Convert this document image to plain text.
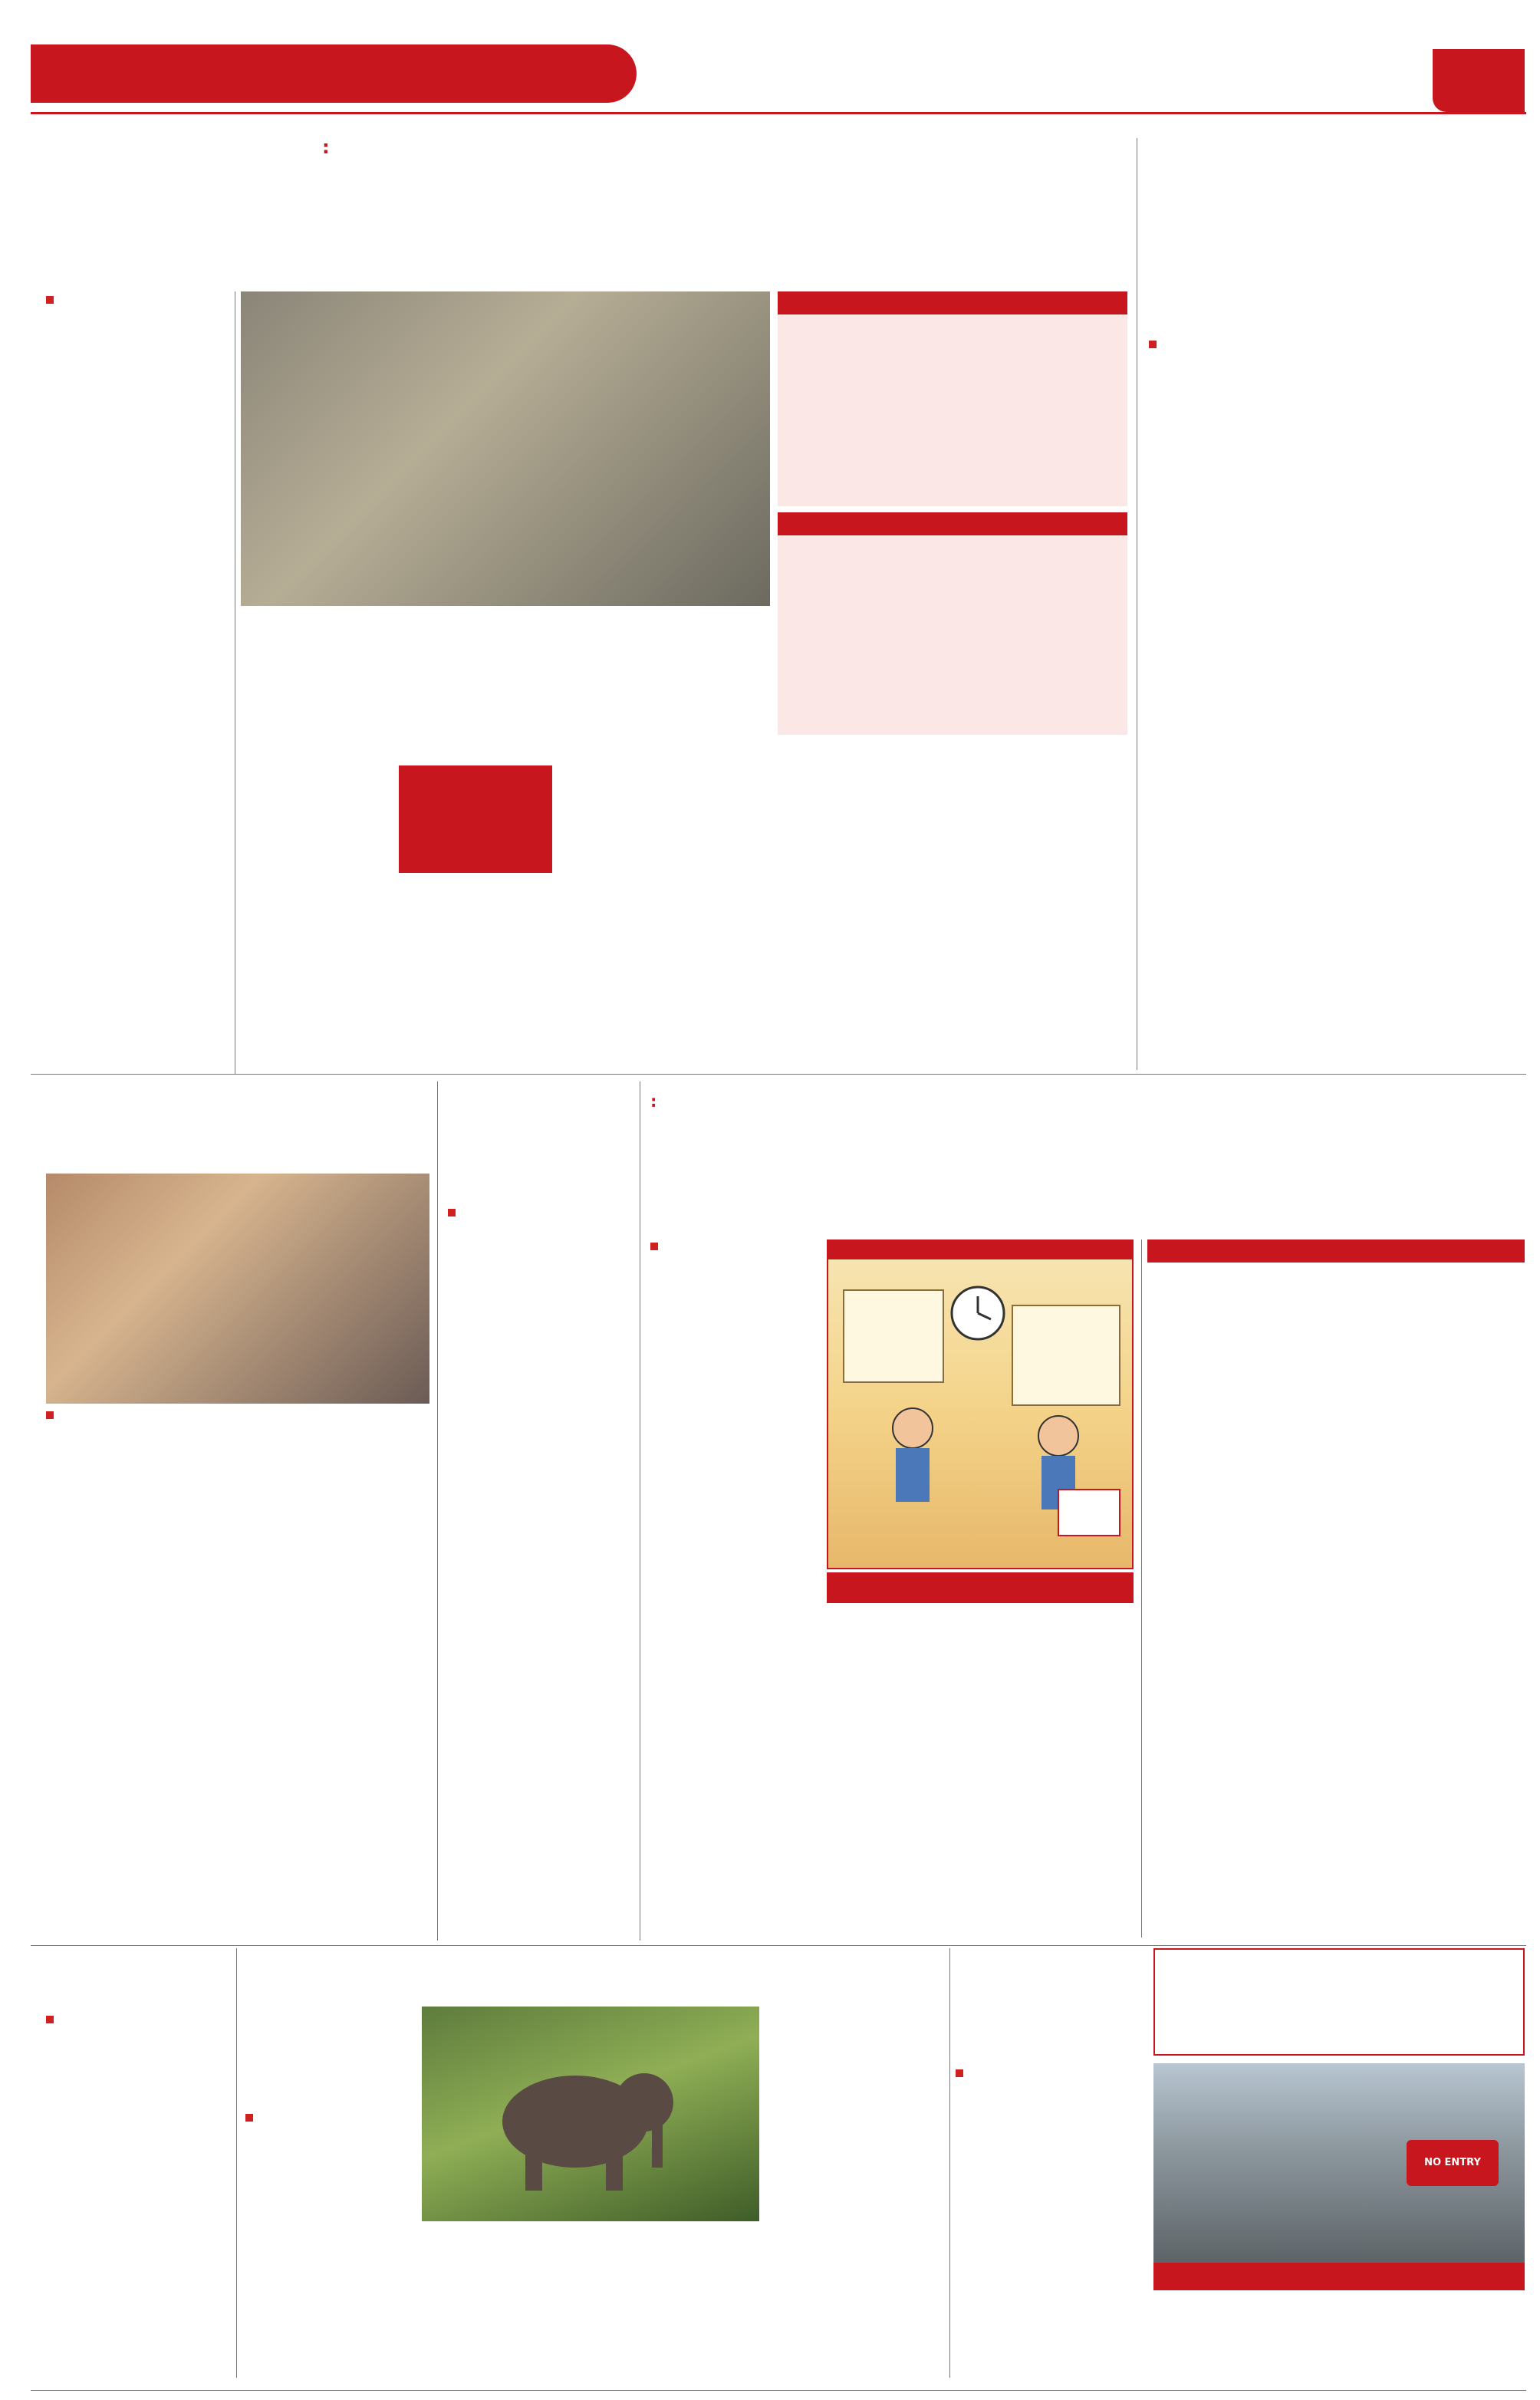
:

:

NO ENTRY
